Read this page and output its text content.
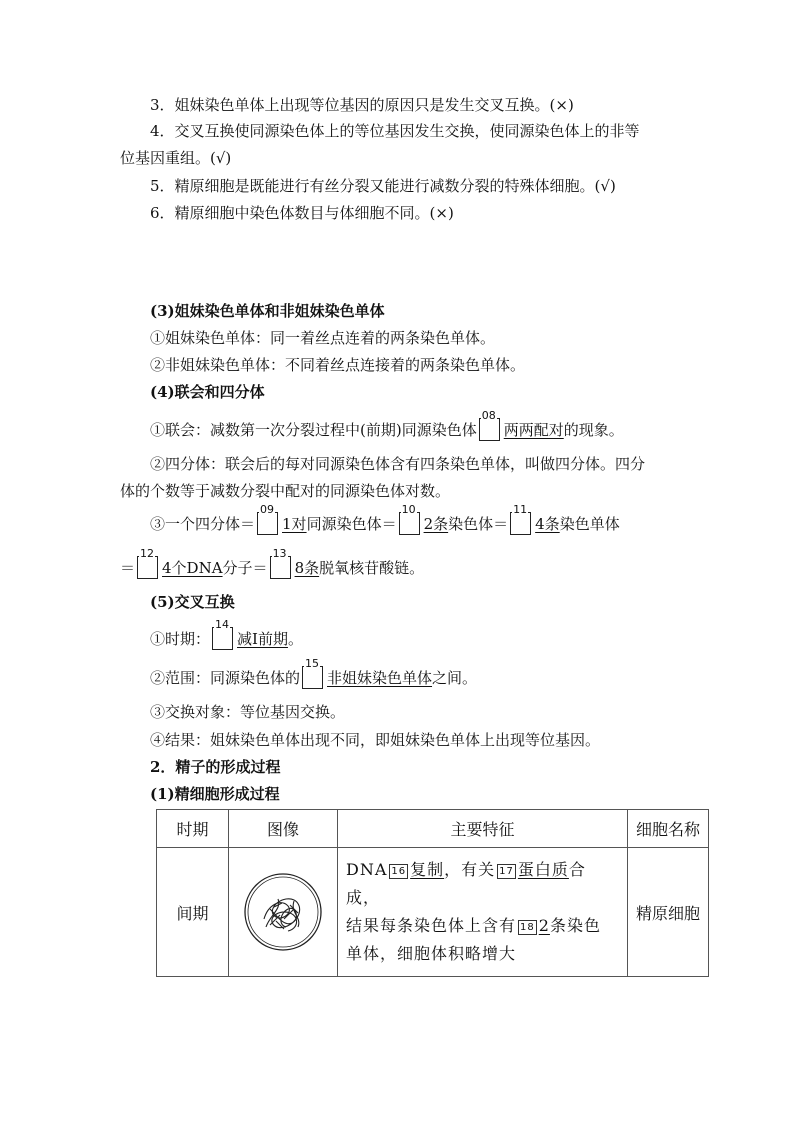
3．姐妹染色单体上出现等位基因的原因只是发生交叉互换。(×)
4．交叉互换使同源染色体上的等位基因发生交换，使同源染色体上的非等
位基因重组。(√)
5．精原细胞是既能进行有丝分裂又能进行减数分裂的特殊体细胞。(√)
6．精原细胞中染色体数目与体细胞不同。(×)
(3)姐妹染色单体和非姐妹染色单体
①姐妹染色单体：同一着丝点连着的两条染色单体。
②非姐妹染色单体：不同着丝点连接着的两条染色单体。
(4)联会和四分体
①联会：减数第一次分裂过程中(前期)同源染色体
08
两两配对的现象。
②四分体：联会后的每对同源染色体含有四条染色单体，叫做四分体。四分
体的个数等于减数分裂中配对的同源染色体对数。
③一个四分体＝
09
1对同源染色体＝
10
2条染色体＝
11
4条染色单体
＝
12
4个DNA分子＝
13
8条脱氧核苷酸链。
(5)交叉互换
①时期：
14
减Ⅰ前期。
②范围：同源染色体的
15
非姐妹染色单体之间。
③交换对象：等位基因交换。
④结果：姐妹染色单体出现不同，即姐妹染色单体上出现等位基因。
2．精子的形成过程
(1)精细胞形成过程
时期	图像	主要特征	细胞名称
间期		DNA 16 复制，有关 17 蛋白质合成，
结果每条染色体上含有 18 2条染色
单体，细胞体积略增大	精原细胞
